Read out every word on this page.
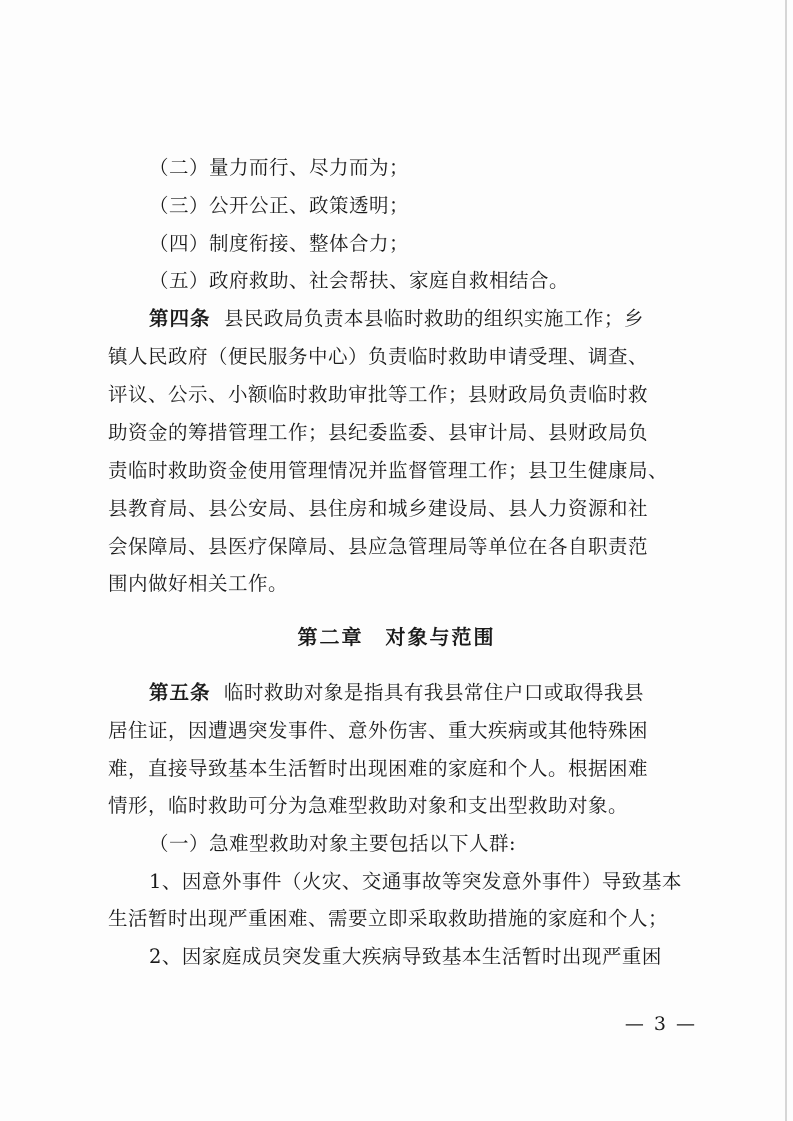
（二）量力而行、尽力而为；
（三）公开公正、政策透明；
（四）制度衔接、整体合力；
（五）政府救助、社会帮扶、家庭自救相结合。
第四条 县民政局负责本县临时救助的组织实施工作；乡
镇人民政府（便民服务中心）负责临时救助申请受理、调查、
评议、公示、小额临时救助审批等工作；县财政局负责临时救
助资金的筹措管理工作；县纪委监委、县审计局、县财政局负
责临时救助资金使用管理情况并监督管理工作；县卫生健康局、
县教育局、县公安局、县住房和城乡建设局、县人力资源和社
会保障局、县医疗保障局、县应急管理局等单位在各自职责范
围内做好相关工作。
第二章　对象与范围
第五条 临时救助对象是指具有我县常住户口或取得我县
居住证，因遭遇突发事件、意外伤害、重大疾病或其他特殊困
难，直接导致基本生活暂时出现困难的家庭和个人。根据困难
情形，临时救助可分为急难型救助对象和支出型救助对象。
（一）急难型救助对象主要包括以下人群:
1、因意外事件（火灾、交通事故等突发意外事件）导致基本
生活暂时出现严重困难、需要立即采取救助措施的家庭和个人；
2、因家庭成员突发重大疾病导致基本生活暂时出现严重困
— 3 —
